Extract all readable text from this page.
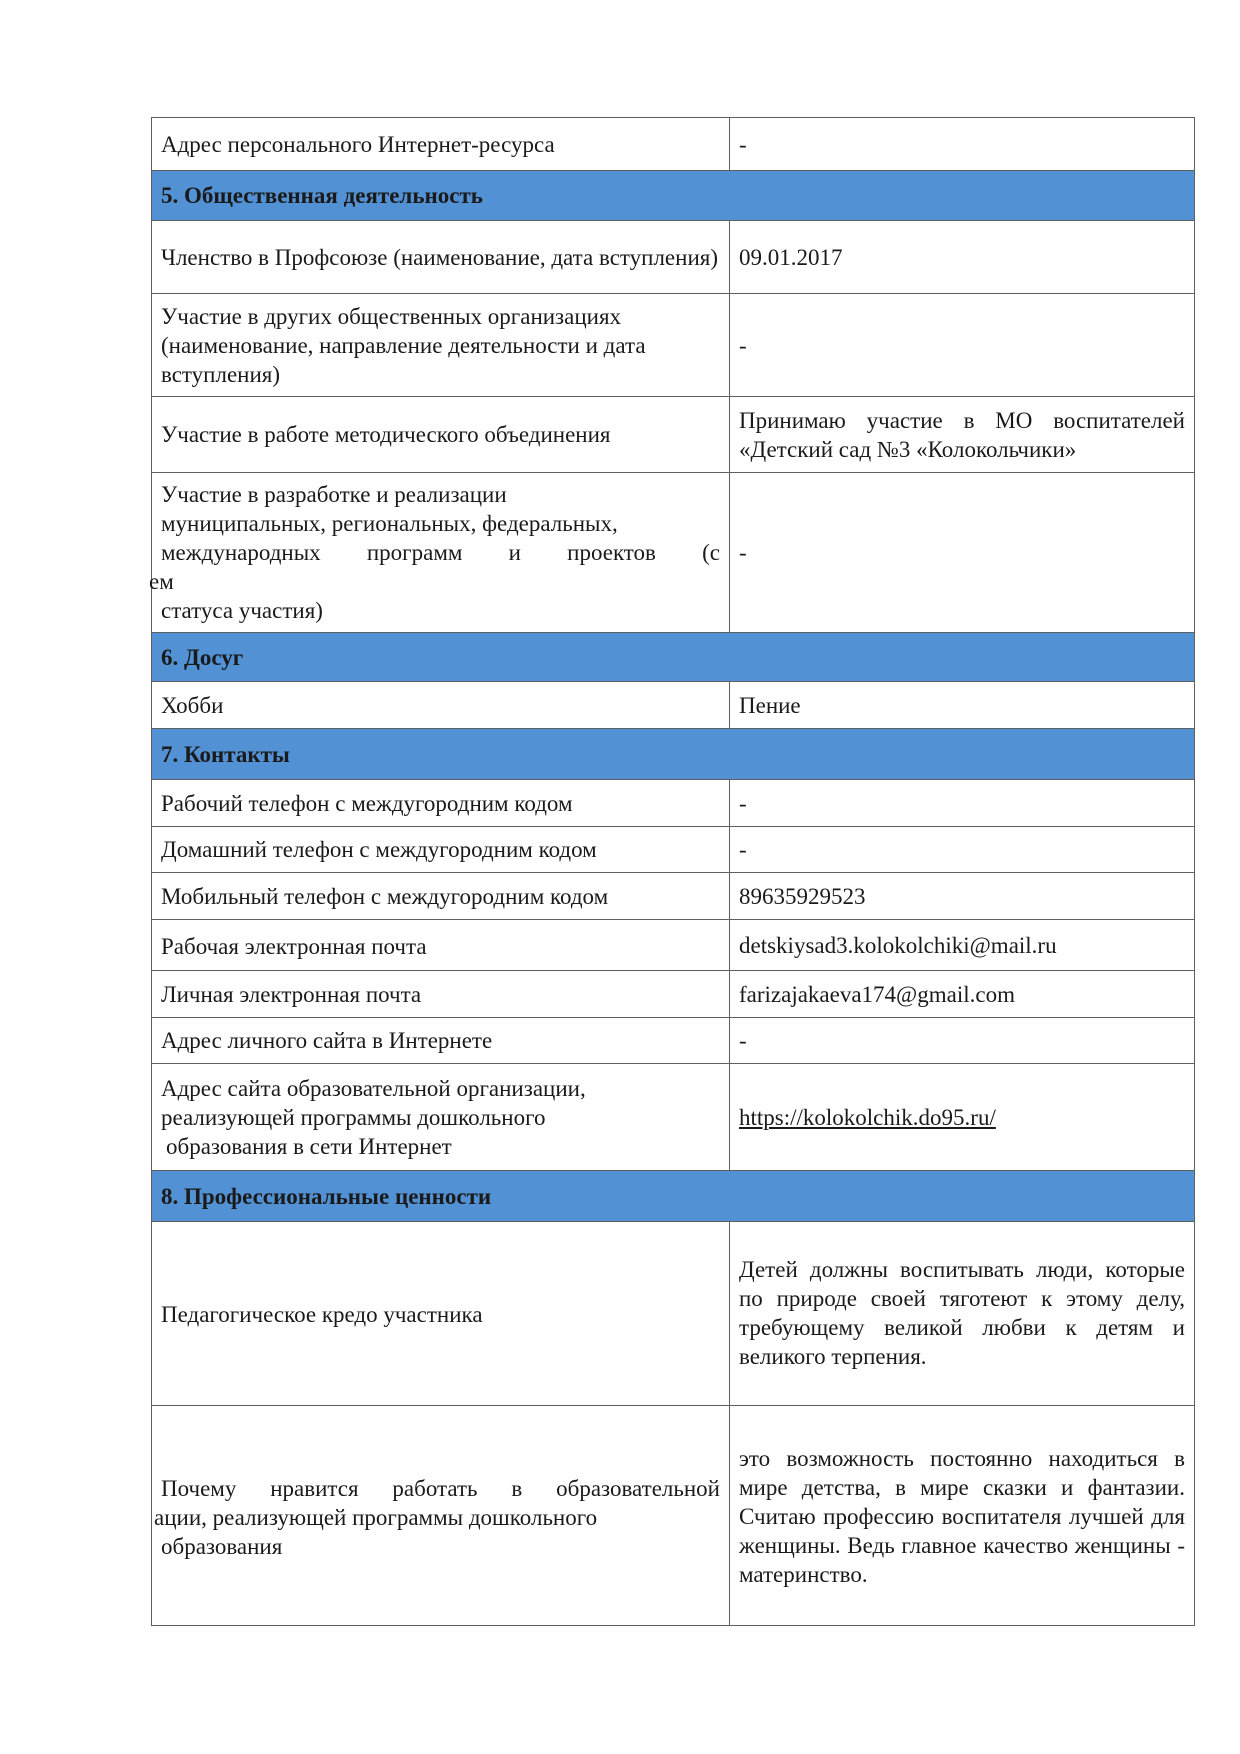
Адрес персонального Интернет-ресурса	-
5. Общественная деятельность	
Членство в Профсоюзе (наименование, дата вступления)	09.01.2017
Участие в других общественных организациях (наименование, направление деятельности и дата вступления)	-
Участие в работе методического объединения	Принимаю участие в МО воспитателей «Детский сад №3 «Колокольчики»

Участие в разработке и реализации
муниципальных, региональных, федеральных,
международных программ и проектов (с
ем
статуса участия)	-
6. Досуг	
Хобби	Пение
7. Контакты	
Рабочий телефон с междугородним кодом	-
Домашний телефон с междугородним кодом	-
Мобильный телефон с междугородним кодом	89635929523
Рабочая электронная почта	detskiysad3.kolokolchiki@mail.ru
Личная электронная почта	farizajakaeva174@gmail.com
Адрес личного сайта в Интернете	-

Адрес сайта образовательной организации,
реализующей программы дошкольного
образования в сети Интернет	https://kolokolchik.do95.ru/
8. Профессиональные ценности	
Педагогическое кредо участника	Детей должны воспитывать люди, которые по природе своей тяготеют к этому делу, требующему великой любви к детям и великого терпения.

Почему нравится работать в образовательной
ации, реализующей программы дошкольного
образования	это возможность постоянно находиться в мире детства, в мире сказки и фантазии. Считаю профессию воспитателя лучшей для женщины. Ведь главное качество женщины - материнство.
